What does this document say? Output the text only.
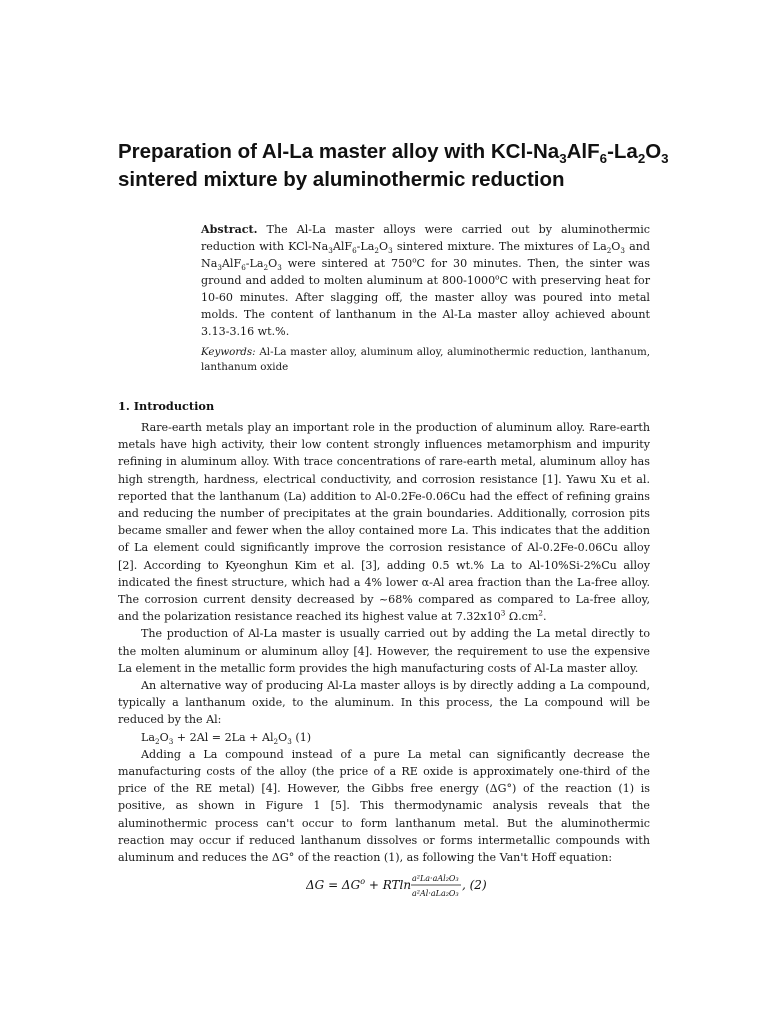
Preparation of Al-La master alloy with KCl-$Na_3AlF_6-La_2O_3$ sintered mixture by aluminothermic reduction

Abstract. The Al-La master alloys were carried out by aluminothermic reduction with KCl-$Na_3AlF_6-La_2O_3$ sintered mixture. The mixtures of $La_2O_3$ and $Na_3AlF_6-La_2O_3$ were sintered at 750$^o$C for 30 minutes. Then, the sinter was ground and added to molten aluminum at 800-1000$^o$C with preserving heat for 10-60 minutes. After slagging off, the master alloy was poured into metal molds. The content of lanthanum in the Al-La master alloy achieved abount 3.13-3.16 wt.%.

Keywords: Al-La master alloy, aluminum alloy, aluminothermic reduction, lanthanum, lanthanum oxide

1. Introduction

Rare-earth metals play an important role in the production of aluminum alloy. Rare-earth metals have high activity, their low content strongly influences metamorphism and impurity refining in aluminum alloy. With trace concentrations of rare-earth metal, aluminum alloy has high strength, hardness, electrical conductivity, and corrosion resistance [1]. Yawu Xu et al. reported that the lanthanum (La) addition to Al-0.2Fe-0.06Cu had the effect of refining grains and reducing the number of precipitates at the grain boundaries. Additionally, corrosion pits became smaller and fewer when the alloy contained more La. This indicates that the addition of La element could significantly improve the corrosion resistance of Al-0.2Fe-0.06Cu alloy [2]. According to Kyeonghun Kim et al. [3], adding 0.5 wt.% La to Al-10%Si-2%Cu alloy indicated the finest structure, which had a 4% lower α-Al area fraction than the La-free alloy. The corrosion current density decreased by ~68% compared as compared to La-free alloy, and the polarization resistance reached its highest value at $7.32x10^3$ $\Omega.cm^2$.

The production of Al-La master is usually carried out by adding the La metal directly to the molten aluminum or aluminum alloy [4]. However, the requirement to use the expensive La element in the metallic form provides the high manufacturing costs of Al-La master alloy.

An alternative way of producing Al-La master alloys is by directly adding a La compound, typically a lanthanum oxide, to the aluminum. In this process, the La compound will be reduced by the Al:

$La_2O_3 + 2Al = 2La + Al_2O_3$ (1)

Adding a La compound instead of a pure La metal can significantly decrease the manufacturing costs of the alloy (the price of a RE oxide is approximately one-third of the price of the RE metal) [4]. However, the Gibbs free energy (ΔG°) of the reaction (1) is positive, as shown in Figure 1 [5]. This thermodynamic analysis reveals that the aluminothermic process can't occur to form lanthanum metal. But the aluminothermic reaction may occur if reduced lanthanum dissolves or forms intermetallic compounds with aluminum and reduces the ΔG° of the reaction (1), as following the Van't Hoff equation:

$\Delta G = \Delta G^o + RTln$ a²La·aAl₂O₃
a²Al·aLa₂O₃
, (2)
